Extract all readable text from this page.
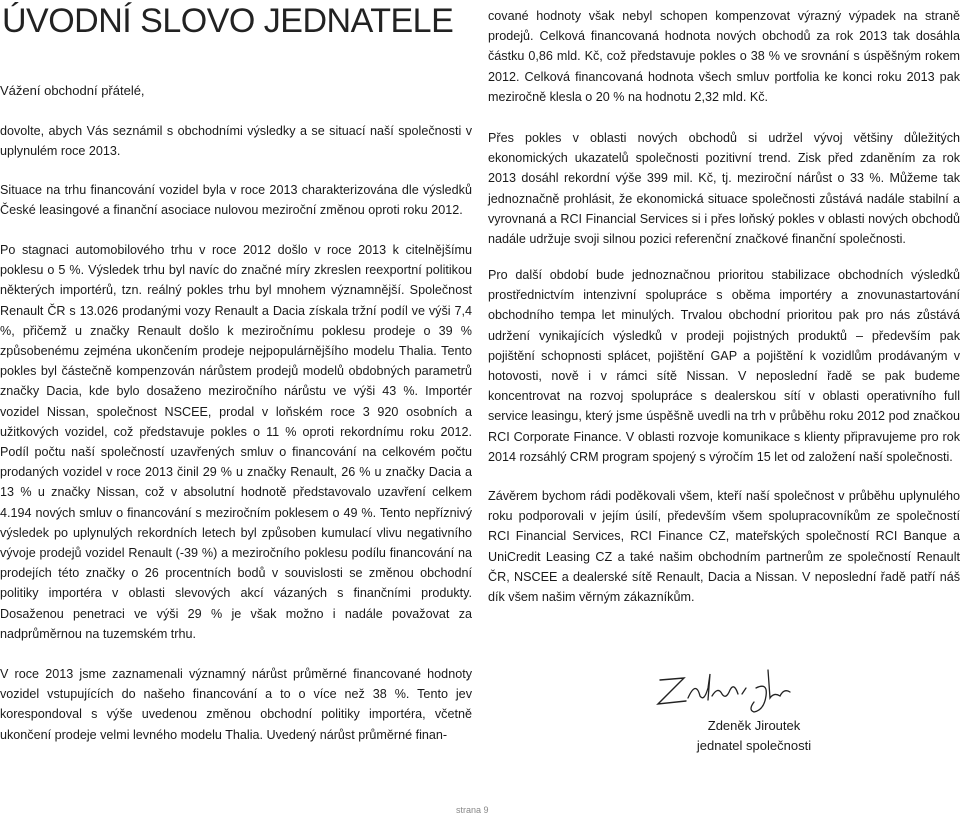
ÚVODNÍ SLOVO JEDNATELE
Vážení obchodní přátelé,

dovolte, abych Vás seznámil s obchodními výsledky a se situací naší společnosti v uplynulém roce 2013.

Situace na trhu financování vozidel byla v roce 2013 charakterizována dle výsledků České leasingové a finanční asociace nulovou meziroční změnou oproti roku 2012.

Po stagnaci automobilového trhu v roce 2012 došlo v roce 2013 k citelnějšímu poklesu o 5 %. Výsledek trhu byl navíc do značné míry zkreslen reexportní politikou některých importérů, tzn. reálný pokles trhu byl mnohem významnější. Společnost Renault ČR s 13.026 prodanými vozy Renault a Dacia získala tržní podíl ve výši 7,4 %, přičemž u značky Renault došlo k meziročnímu poklesu prodeje o 39 % způsobenému zejména ukončením prodeje nejpopulárnějšího modelu Thalia. Tento pokles byl částečně kompenzován nárůstem prodejů modelů obdobných parametrů značky Dacia, kde bylo dosaženo meziročního nárůstu ve výši 43 %. Importér vozidel Nissan, společnost NSCEE, prodal v loňském roce 3 920 osobních a užitkových vozidel, což představuje pokles o 11 % oproti rekordnímu roku 2012. Podíl počtu naší společností uzavřených smluv o financování na celkovém počtu prodaných vozidel v roce 2013 činil 29 % u značky Renault, 26 % u značky Dacia a 13 % u značky Nissan, což v absolutní hodnotě představovalo uzavření celkem 4.194 nových smluv o financování s meziročním poklesem o 49 %. Tento nepříznivý výsledek po uplynulých rekordních letech byl způsoben kumulací vlivu negativního vývoje prodejů vozidel Renault (-39 %) a meziročního poklesu podílu financování na prodejích této značky o 26 procentních bodů v souvislosti se změnou obchodní politiky importéra v oblasti slevových akcí vázaných s finančními produkty. Dosaženou penetraci ve výši 29 % je však možno i nadále považovat za nadprůměrnou na tuzemském trhu.

V roce 2013 jsme zaznamenali významný nárůst průměrné financované hodnoty vozidel vstupujících do našeho financování a to o více než 38 %. Tento jev korespondoval s výše uvedenou změnou obchodní politiky importéra, včetně ukončení prodeje velmi levného modelu Thalia. Uvedený nárůst průměrné finan-

cované hodnoty však nebyl schopen kompenzovat výrazný výpadek na straně prodejů. Celková financovaná hodnota nových obchodů za rok 2013 tak dosáhla částku 0,86 mld. Kč, což představuje pokles o 38 % ve srovnání s úspěšným rokem 2012. Celková financovaná hodnota všech smluv portfolia ke konci roku 2013 pak meziročně klesla o 20 % na hodnotu 2,32 mld. Kč.

Přes pokles v oblasti nových obchodů si udržel vývoj většiny důležitých ekonomických ukazatelů společnosti pozitivní trend. Zisk před zdaněním za rok 2013 dosáhl rekordní výše 399 mil. Kč, tj. meziroční nárůst o 33 %. Můžeme tak jednoznačně prohlásit, že ekonomická situace společnosti zůstává nadále stabilní a vyrovnaná a RCI Financial Services si i přes loňský pokles v oblasti nových obchodů nadále udržuje svoji silnou pozici referenční značkové finanční společnosti.

Pro další období bude jednoznačnou prioritou stabilizace obchodních výsledků prostřednictvím intenzivní spolupráce s oběma importéry a znovunastartování obchodního tempa let minulých. Trvalou obchodní prioritou pak pro nás zůstává udržení vynikajících výsledků v prodeji pojistných produktů – především pak pojištění schopnosti splácet, pojištění GAP a pojištění k vozidlům prodávaným v hotovosti, nově i v rámci sítě Nissan. V neposlední řadě se pak budeme koncentrovat na rozvoj spolupráce s dealerskou sítí v oblasti operativního full service leasingu, který jsme úspěšně uvedli na trh v průběhu roku 2012 pod značkou RCI Corporate Finance. V oblasti rozvoje komunikace s klienty připravujeme pro rok 2014 rozsáhlý CRM program spojený s výročím 15 let od založení naší společnosti.

Závěrem bychom rádi poděkovali všem, kteří naší společnost v průběhu uplynulého roku podporovali v jejím úsilí, především všem spolupracovníkům ze společností RCI Financial Services, RCI Finance CZ, mateřských společností RCI Banque a UniCredit Leasing CZ a také našim obchodním partnerům ze společností Renault ČR, NSCEE a dealerské sítě Renault, Dacia a Nissan. V neposlední řadě patří náš dík všem našim věrným zákazníkům.

Zdeněk Jiroutek
jednatel společnosti
strana 9
